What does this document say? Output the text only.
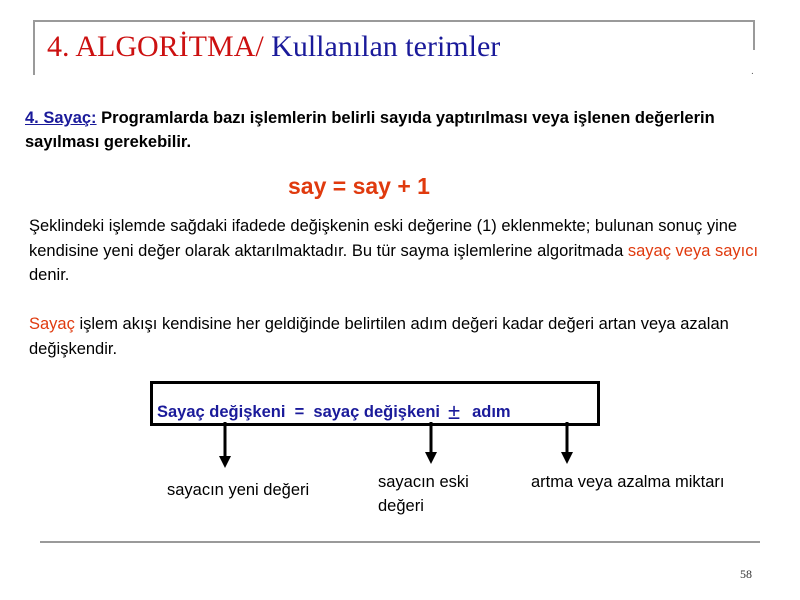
.
4. ALGORİTMA/ Kullanılan terimler
4. Sayaç: Programlarda bazı işlemlerin belirli sayıda yaptırılması veya işlenen değerlerin sayılması gerekebilir.
say = say + 1
Şeklindeki işlemde sağdaki ifadede değişkenin eski değerine (1) eklenmekte; bulunan sonuç yine kendisine yeni değer olarak aktarılmaktadır. Bu tür sayma işlemlerine algoritmada sayaç veya sayıcı denir.
Sayaç işlem akışı kendisine her geldiğinde belirtilen adım değeri kadar değeri artan veya azalan değişkendir.
Sayaç değişkeni = sayaç değişkeni ± adım
sayacın yeni değeri	sayacın eski değeri
artma veya azalma miktarı
58
